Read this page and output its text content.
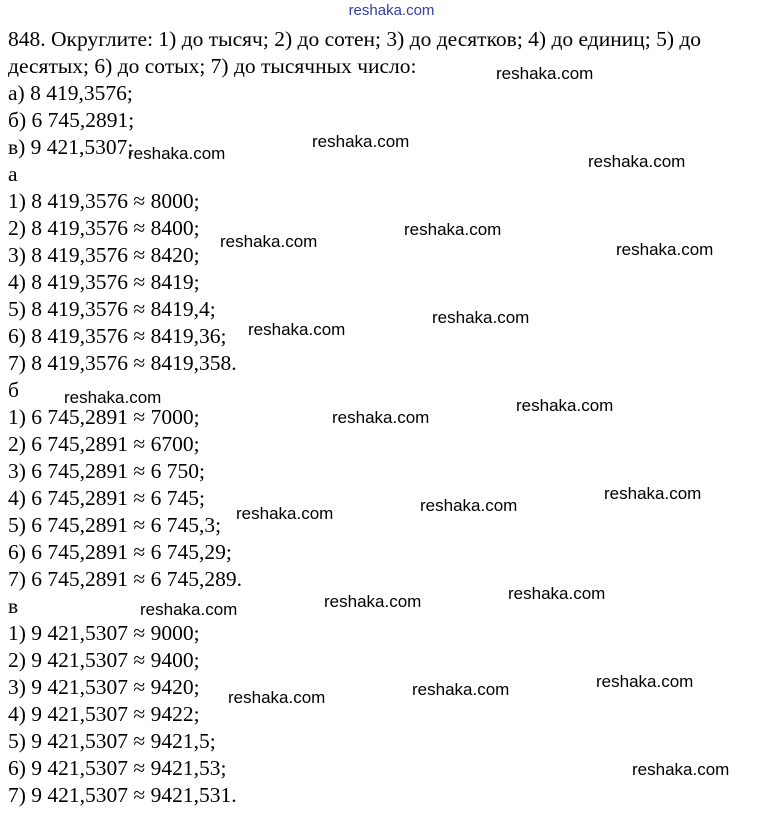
reshaka.com
848. Округлите: 1) до тысяч; 2) до сотен; 3) до десятков; 4) до единиц; 5) до десятых; 6) до сотых; 7) до тысячных число:
а) 8 419,3576;
б) 6 745,2891;
в) 9 421,5307;
а
1) 8 419,3576 ≈ 8000;
2) 8 419,3576 ≈ 8400;
3) 8 419,3576 ≈ 8420;
4) 8 419,3576 ≈ 8419;
5) 8 419,3576 ≈ 8419,4;
6) 8 419,3576 ≈ 8419,36;
7) 8 419,3576 ≈ 8419,358.
б
1) 6 745,2891 ≈ 7000;
2) 6 745,2891 ≈ 6700;
3) 6 745,2891 ≈ 6 750;
4) 6 745,2891 ≈ 6 745;
5) 6 745,2891 ≈ 6 745,3;
6) 6 745,2891 ≈ 6 745,29;
7) 6 745,2891 ≈ 6 745,289.
в
1) 9 421,5307 ≈ 9000;
2) 9 421,5307 ≈ 9400;
3) 9 421,5307 ≈ 9420;
4) 9 421,5307 ≈ 9422;
5) 9 421,5307 ≈ 9421,5;
6) 9 421,5307 ≈ 9421,53;
7) 9 421,5307 ≈ 9421,531.
reshaka.com
reshaka.com
reshaka.com
reshaka.com
reshaka.com
reshaka.com
reshaka.com
reshaka.com
reshaka.com
reshaka.com
reshaka.com
reshaka.com
reshaka.com	reshaka.com
reshaka.com
reshaka.com	reshaka.com	reshaka.com
reshaka.com	reshaka.com	reshaka.com
reshaka.com
